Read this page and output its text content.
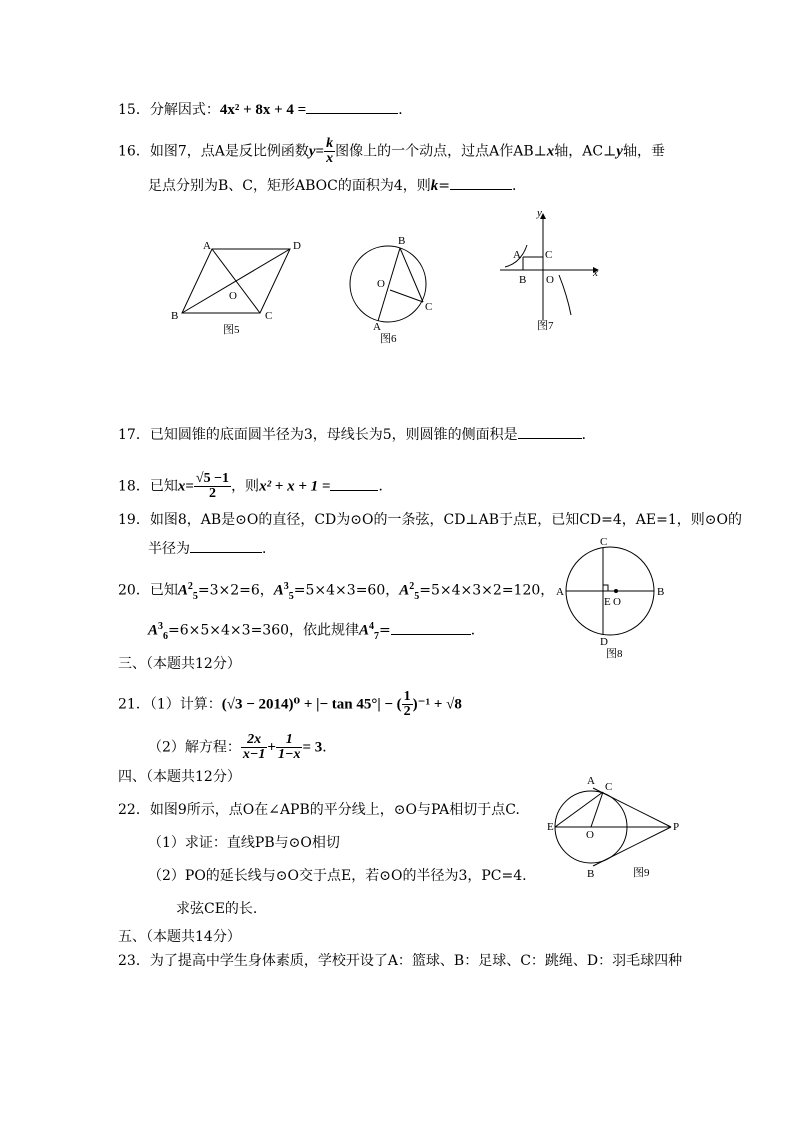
15．分解因式：4x² + 8x + 4 =	．
16．如图7，点A是反比例函数$y= \frac{k}{x}$ 图像上的一个动点，过点A作AB⊥x轴，AC⊥y轴，垂
足点分别为B、C，矩形ABOC的面积为4，则k=	．
A	D
B	C
O
图5
B
C
O
A
图6
y
x
A C
B O
图7
17．已知圆锥的底面圆半径为3，母线长为5，则圆锥的侧面积是	．
18．已知$x= \frac{√5 -1}{2}$ ，则x² + x + 1 =	．
19．如图8，AB是⊙O的直径，CD为⊙O的一条弦，CD⊥AB于点E，已知CD=4，AE=1，则⊙O的
半径为	．	C
D
A	B
E O
图8
20．已知$A^2_5=3\times 2=6$，$A^3_5=5\times 4\times 3=60$，$A^2_5=5\times 4\times 3\times 2=120$，
$A^3_6=6\times 5\times 4\times 3=360$，依此规律$A^4_7=$	．
三、（本题共12分）
21．（1）计算：(√3 − 2014)⁰ + |− tan 45°| − ( $\frac{1}{2} )^{-1} + √8$
（2）解方程： $\frac{2x}{x-1} + \frac{1}{1-x} = 3$．
四、（本题共12分）
22．如图9所示，点O在∠APB的平分线上，⊙O与PA相切于点C.
（1）求证：直线PB与⊙O相切
（2）PO的延长线与⊙O交于点E，若⊙O的半径为3，PC=4.
求弦CE的长.
A C
E
O
P
B	图9
五、（本题共14分）
23．为了提高中学生身体素质，学校开设了A：篮球、B：足球、C：跳绳、D：羽毛球四种
